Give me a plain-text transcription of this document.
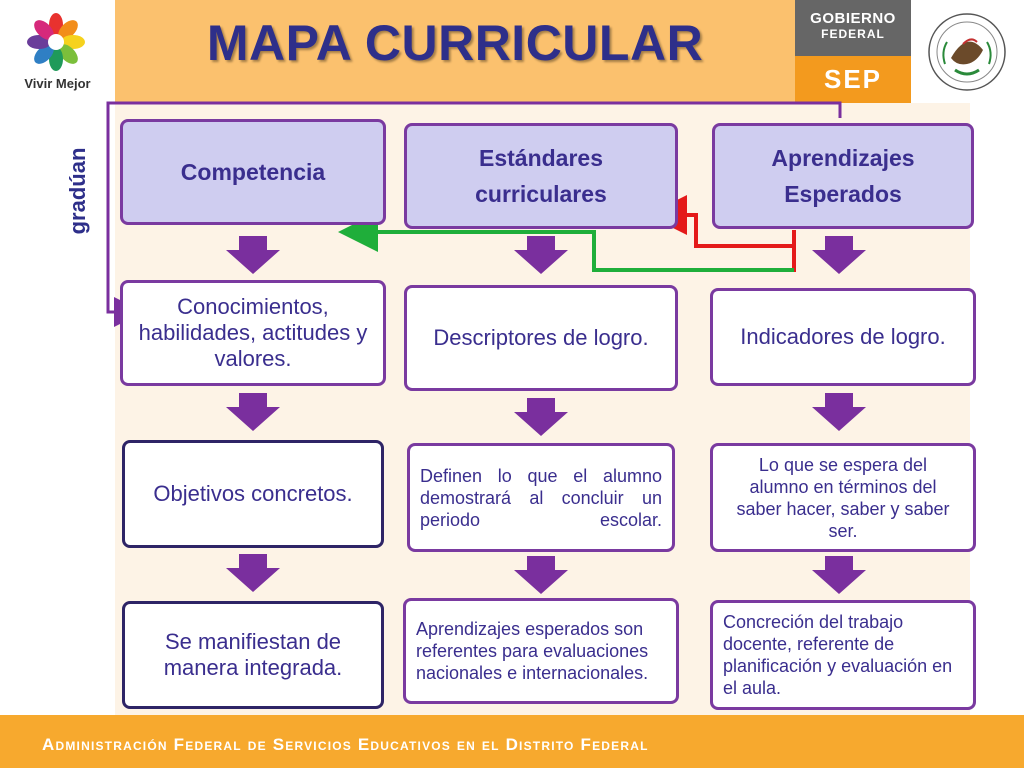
Vivir Mejor
MAPA CURRICULAR	GOBIERNO
FEDERAL
SEP
gradúan	Competencia
Conocimientos, habilidades, actitudes y valores.
Objetivos concretos.
Se manifiestan de manera integrada.
Estándares curriculares
Descriptores de logro.
Definen lo que el alumno demostrará al concluir un periodo escolar.
Aprendizajes esperados son referentes para evaluaciones nacionales e internacionales.
Aprendizajes Esperados
Indicadores de logro.
Lo que se espera del alumno en términos del saber hacer, saber y saber ser.
Concreción del trabajo docente, referente de planificación y evaluación en el aula.
Administración Federal de Servicios Educativos en el Distrito Federal
